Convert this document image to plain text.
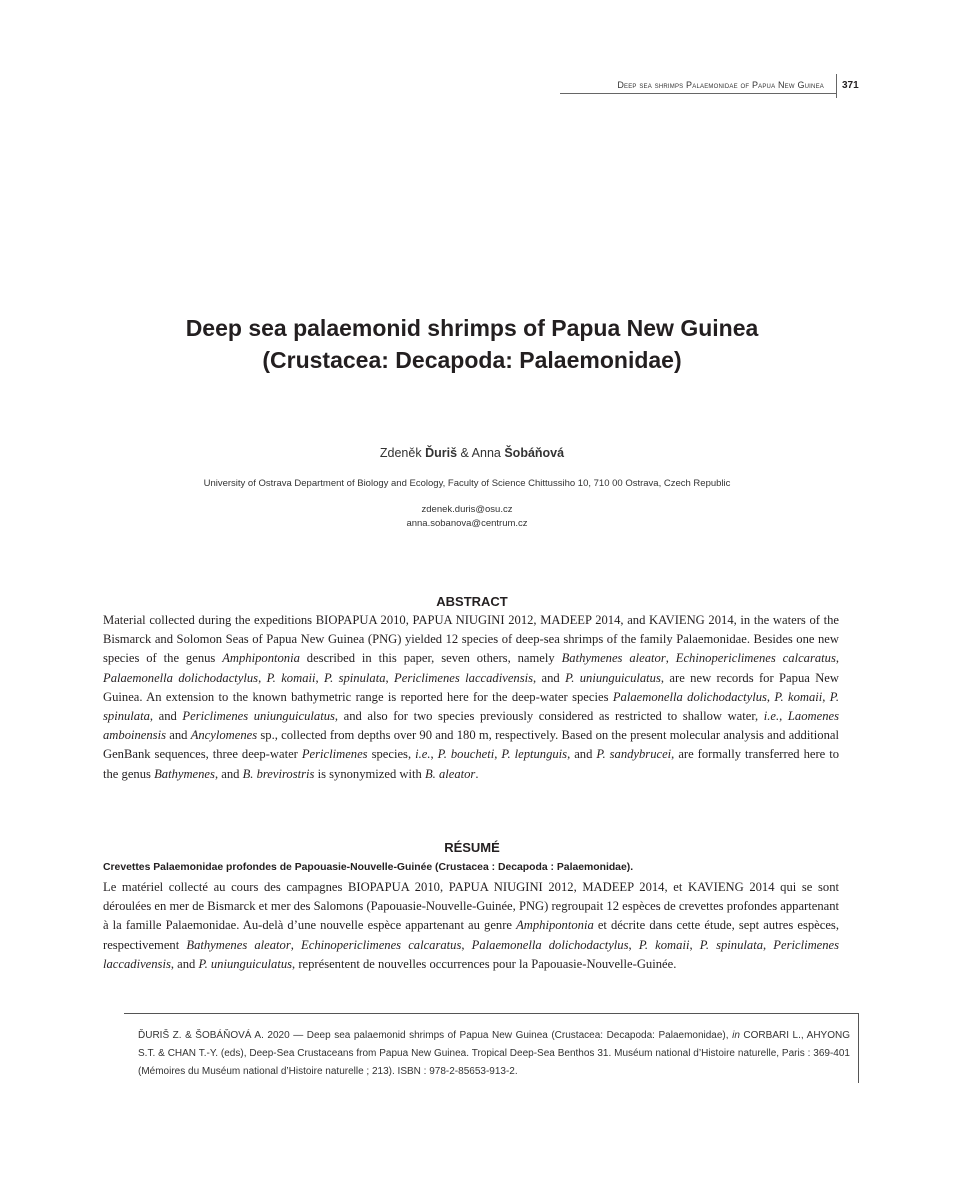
Deep sea shrimps Palaemonidae of Papua New Guinea 371
Deep sea palaemonid shrimps of Papua New Guinea
(Crustacea: Decapoda: Palaemonidae)
Zdeněk Ďuriš & Anna Šobáňová
University of Ostrava Department of Biology and Ecology, Faculty of Science Chittussiho 10, 710 00 Ostrava, Czech Republic
zdenek.duris@osu.cz
anna.sobanova@centrum.cz
ABSTRACT
Material collected during the expeditions BIOPAPUA 2010, PAPUA NIUGINI 2012, MADEEP 2014, and KAVIENG 2014, in the waters of the Bismarck and Solomon Seas of Papua New Guinea (PNG) yielded 12 species of deep-sea shrimps of the family Palaemonidae. Besides one new species of the genus Amphipontonia described in this paper, seven others, namely Bathymenes aleator, Echinopericlimenes calcaratus, Palaemonella dolichodactylus, P. komaii, P. spinulata, Periclimenes laccadivensis, and P. uniunguiculatus, are new records for Papua New Guinea. An extension to the known bathymetric range is reported here for the deep-water species Palaemonella dolichodactylus, P. komaii, P. spinulata, and Periclimenes uniunguiculatus, and also for two species previously considered as restricted to shallow water, i.e., Laomenes amboinensis and Ancylomenes sp., collected from depths over 90 and 180 m, respectively. Based on the present molecular analysis and additional GenBank sequences, three deep-water Periclimenes species, i.e., P. boucheti, P. leptunguis, and P. sandybrucei, are formally transferred here to the genus Bathymenes, and B. brevirostris is synonymized with B. aleator.
RÉSUMÉ
Crevettes Palaemonidae profondes de Papouasie-Nouvelle-Guinée (Crustacea : Decapoda : Palaemonidae).
Le matériel collecté au cours des campagnes BIOPAPUA 2010, PAPUA NIUGINI 2012, MADEEP 2014, et KAVIENG 2014 qui se sont déroulées en mer de Bismarck et mer des Salomons (Papouasie-Nouvelle-Guinée, PNG) regroupait 12 espèces de crevettes profondes appartenant à la famille Palaemonidae. Au-delà d’une nouvelle espèce appartenant au genre Amphipontonia et décrite dans cette étude, sept autres espèces, respectivement Bathymenes aleator, Echinopericlimenes calcaratus, Palaemonella dolichodactylus, P. komaii, P. spinulata, Periclimenes laccadivensis, and P. uniunguiculatus, représentent de nouvelles occurrences pour la Papouasie-Nouvelle-Guinée.
ĎURIŠ Z. & ŠOBÁŇOVÁ A. 2020 — Deep sea palaemonid shrimps of Papua New Guinea (Crustacea: Decapoda: Palaemonidae), in CORBARI L., AHYONG S.T. & CHAN T.-Y. (eds), Deep-Sea Crustaceans from Papua New Guinea. Tropical Deep-Sea Benthos 31. Muséum national d’Histoire naturelle, Paris : 369-401 (Mémoires du Muséum national d’Histoire naturelle ; 213). ISBN : 978-2-85653-913-2.
